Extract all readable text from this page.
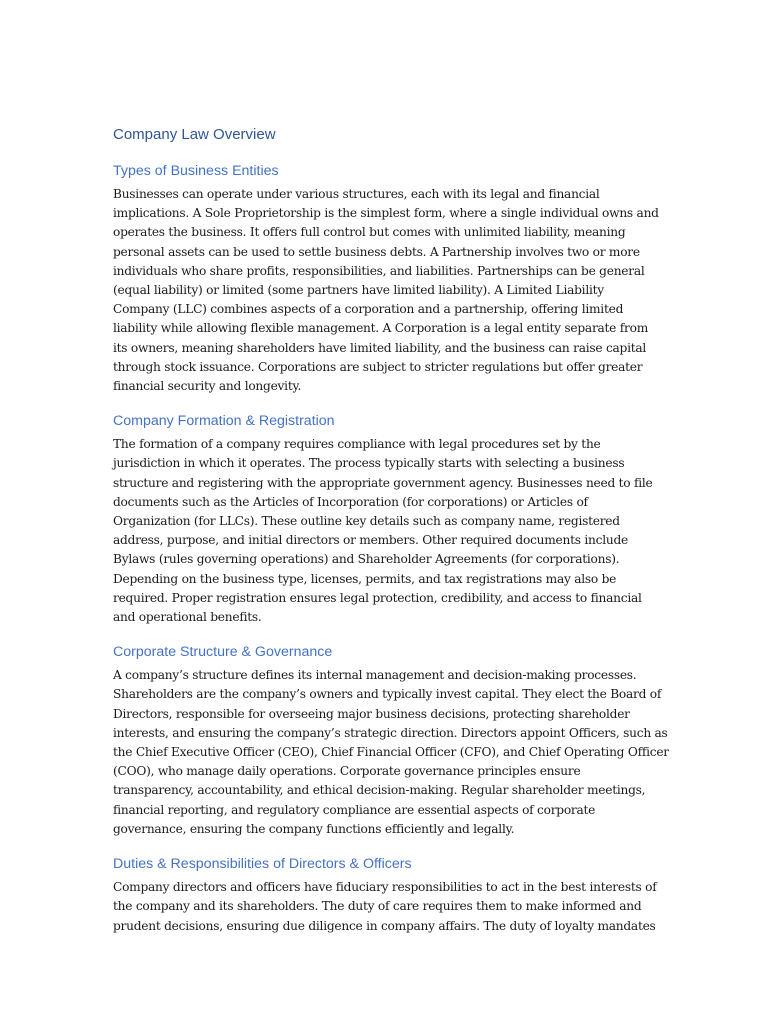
Company Law Overview
Types of Business Entities

Businesses can operate under various structures, each with its legal and financial
implications. A Sole Proprietorship is the simplest form, where a single individual owns and
operates the business. It offers full control but comes with unlimited liability, meaning
personal assets can be used to settle business debts. A Partnership involves two or more
individuals who share profits, responsibilities, and liabilities. Partnerships can be general
(equal liability) or limited (some partners have limited liability). A Limited Liability
Company (LLC) combines aspects of a corporation and a partnership, offering limited
liability while allowing flexible management. A Corporation is a legal entity separate from
its owners, meaning shareholders have limited liability, and the business can raise capital
through stock issuance. Corporations are subject to stricter regulations but offer greater
financial security and longevity.

Company Formation & Registration

The formation of a company requires compliance with legal procedures set by the
jurisdiction in which it operates. The process typically starts with selecting a business
structure and registering with the appropriate government agency. Businesses need to file
documents such as the Articles of Incorporation (for corporations) or Articles of
Organization (for LLCs). These outline key details such as company name, registered
address, purpose, and initial directors or members. Other required documents include
Bylaws (rules governing operations) and Shareholder Agreements (for corporations).
Depending on the business type, licenses, permits, and tax registrations may also be
required. Proper registration ensures legal protection, credibility, and access to financial
and operational benefits.

Corporate Structure & Governance

A company’s structure defines its internal management and decision-making processes.
Shareholders are the company’s owners and typically invest capital. They elect the Board of
Directors, responsible for overseeing major business decisions, protecting shareholder
interests, and ensuring the company’s strategic direction. Directors appoint Officers, such as
the Chief Executive Officer (CEO), Chief Financial Officer (CFO), and Chief Operating Officer
(COO), who manage daily operations. Corporate governance principles ensure
transparency, accountability, and ethical decision-making. Regular shareholder meetings,
financial reporting, and regulatory compliance are essential aspects of corporate
governance, ensuring the company functions efficiently and legally.

Duties & Responsibilities of Directors & Officers

Company directors and officers have fiduciary responsibilities to act in the best interests of
the company and its shareholders. The duty of care requires them to make informed and
prudent decisions, ensuring due diligence in company affairs. The duty of loyalty mandates
